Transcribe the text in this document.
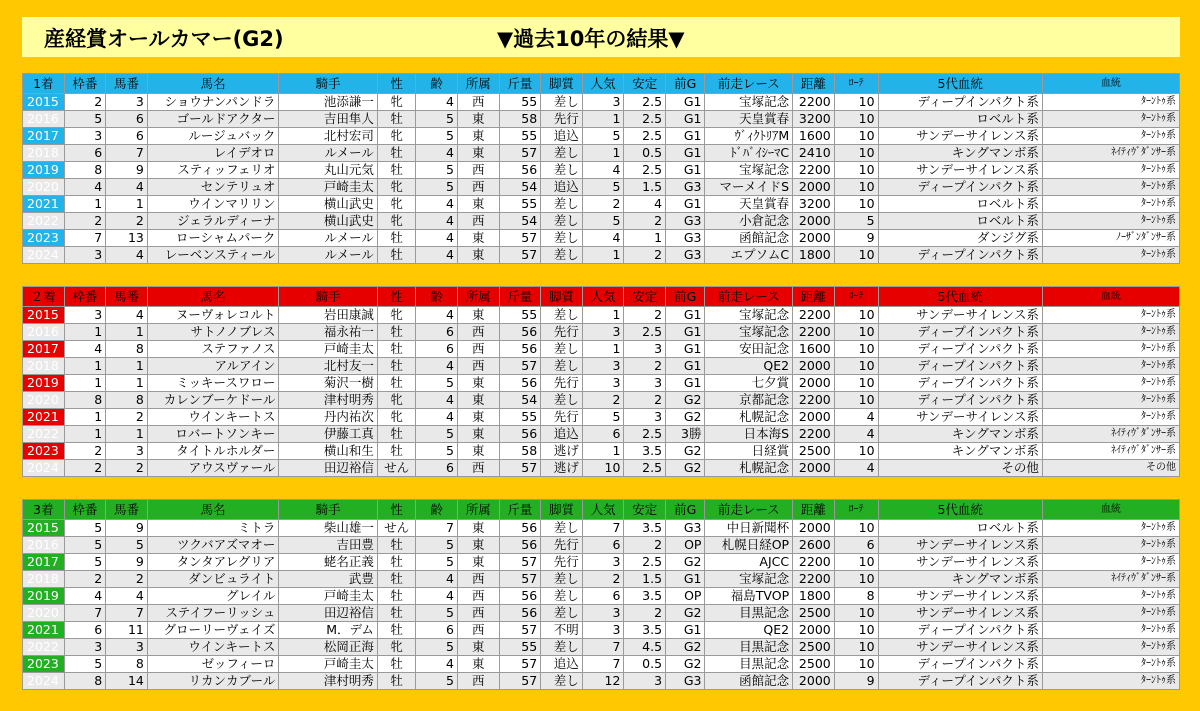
産経賞オールカマー(G2)	▼過去10年の結果▼
1着	枠番	馬番	馬名	騎手	性	齢	所属	斤量	脚質	人気	安定	前G	前走レース	距離	ﾛｰﾃ	5代血統	血統
2015	2	3	ショウナンパンドラ	池添謙一	牝	4	西	55	差し	3	2.5	G1	宝塚記念	2200	10	ディープインパクト系	ﾀｰﾝﾄｩ系
2016	5	6	ゴールドアクター	吉田隼人	牡	5	東	58	先行	1	2.5	G1	天皇賞春	3200	10	ロベルト系	ﾀｰﾝﾄｩ系
2017	3	6	ルージュバック	北村宏司	牝	5	東	55	追込	5	2.5	G1	ｳﾞｨｸﾄﾘｱM	1600	10	サンデーサイレンス系	ﾀｰﾝﾄｩ系
2018	6	7	レイデオロ	ルメール	牡	4	東	57	差し	1	0.5	G1	ﾄﾞﾊﾞｲｼｰﾏC	2410	10	キングマンボ系	ﾈｲﾃｨｳﾞﾀﾞﾝｻｰ系
2019	8	9	スティッフェリオ	丸山元気	牡	5	西	56	差し	4	2.5	G1	宝塚記念	2200	10	サンデーサイレンス系	ﾀｰﾝﾄｩ系
2020	4	4	センテリュオ	戸崎圭太	牝	5	西	54	追込	5	1.5	G3	マーメイドS	2000	10	ディープインパクト系	ﾀｰﾝﾄｩ系
2021	1	1	ウインマリリン	横山武史	牝	4	東	55	差し	2	4	G1	天皇賞春	3200	10	ロベルト系	ﾀｰﾝﾄｩ系
2022	2	2	ジェラルディーナ	横山武史	牝	4	西	54	差し	5	2	G3	小倉記念	2000	5	ロベルト系	ﾀｰﾝﾄｩ系
2023	7	13	ローシャムパーク	ルメール	牡	4	東	57	差し	4	1	G3	函館記念	2000	9	ダンジグ系	ﾉｰｻﾞﾝﾀﾞﾝｻｰ系
2024	3	4	レーベンスティール	ルメール	牡	4	東	57	差し	1	2	G3	エプソムC	1800	10	ディープインパクト系	ﾀｰﾝﾄｩ系
２着	枠番	馬番	馬名	騎手	性	齢	所属	斤量	脚質	人気	安定	前G	前走レース	距離	ﾛｰﾃ	5代血統	血統
2015	3	4	ヌーヴォレコルト	岩田康誠	牝	4	東	55	差し	1	2	G1	宝塚記念	2200	10	サンデーサイレンス系	ﾀｰﾝﾄｩ系
2016	1	1	サトノノブレス	福永祐一	牡	6	西	56	先行	3	2.5	G1	宝塚記念	2200	10	ディープインパクト系	ﾀｰﾝﾄｩ系
2017	4	8	ステファノス	戸崎圭太	牡	6	西	56	差し	1	3	G1	安田記念	1600	10	ディープインパクト系	ﾀｰﾝﾄｩ系
2018	1	1	アルアイン	北村友一	牡	4	西	57	差し	3	2	G1	QE2	2000	10	ディープインパクト系	ﾀｰﾝﾄｩ系
2019	1	1	ミッキースワロー	菊沢一樹	牡	5	東	56	先行	3	3	G1	七夕賞	2000	10	ディープインパクト系	ﾀｰﾝﾄｩ系
2020	8	8	カレンブーケドール	津村明秀	牝	4	東	54	差し	2	2	G2	京都記念	2200	10	ディープインパクト系	ﾀｰﾝﾄｩ系
2021	1	2	ウインキートス	丹内祐次	牝	4	東	55	先行	5	3	G2	札幌記念	2000	4	サンデーサイレンス系	ﾀｰﾝﾄｩ系
2022	1	1	ロバートソンキー	伊藤工真	牡	5	東	56	追込	6	2.5	3勝	日本海S	2200	4	キングマンボ系	ﾈｲﾃｨｳﾞﾀﾞﾝｻｰ系
2023	2	3	タイトルホルダー	横山和生	牡	5	東	58	逃げ	1	3.5	G2	日経賞	2500	10	キングマンボ系	ﾈｲﾃｨｳﾞﾀﾞﾝｻｰ系
2024	2	2	アウスヴァール	田辺裕信	せん	6	西	57	逃げ	10	2.5	G2	札幌記念	2000	4	その他	その他
3着	枠番	馬番	馬名	騎手	性	齢	所属	斤量	脚質	人気	安定	前G	前走レース	距離	ﾛｰﾃ	5代血統	血統
2015	5	9	ミトラ	柴山雄一	せん	7	東	56	差し	7	3.5	G3	中日新聞杯	2000	10	ロベルト系	ﾀｰﾝﾄｩ系
2016	5	5	ツクバアズマオー	吉田豊	牡	5	東	56	先行	6	2	OP	札幌日経OP	2600	6	サンデーサイレンス系	ﾀｰﾝﾄｩ系
2017	5	9	タンタアレグリア	蛯名正義	牡	5	東	57	先行	3	2.5	G2	AJCC	2200	10	サンデーサイレンス系	ﾀｰﾝﾄｩ系
2018	2	2	ダンビュライト	武豊	牡	4	西	57	差し	2	1.5	G1	宝塚記念	2200	10	キングマンボ系	ﾈｲﾃｨｳﾞﾀﾞﾝｻｰ系
2019	4	4	グレイル	戸崎圭太	牡	4	西	56	差し	6	3.5	OP	福島TVOP	1800	8	サンデーサイレンス系	ﾀｰﾝﾄｩ系
2020	7	7	ステイフーリッシュ	田辺裕信	牡	5	西	56	差し	3	2	G2	目黒記念	2500	10	サンデーサイレンス系	ﾀｰﾝﾄｩ系
2021	6	11	グローリーヴェイズ	M．デム	牡	6	西	57	不明	3	3.5	G1	QE2	2000	10	ディープインパクト系	ﾀｰﾝﾄｩ系
2022	3	3	ウインキートス	松岡正海	牝	5	東	55	差し	7	4.5	G2	目黒記念	2500	10	サンデーサイレンス系	ﾀｰﾝﾄｩ系
2023	5	8	ゼッフィーロ	戸崎圭太	牡	4	東	57	追込	7	0.5	G2	目黒記念	2500	10	ディープインパクト系	ﾀｰﾝﾄｩ系
2024	8	14	リカンカブール	津村明秀	牡	5	西	57	差し	12	3	G3	函館記念	2000	9	ディープインパクト系	ﾀｰﾝﾄｩ系
